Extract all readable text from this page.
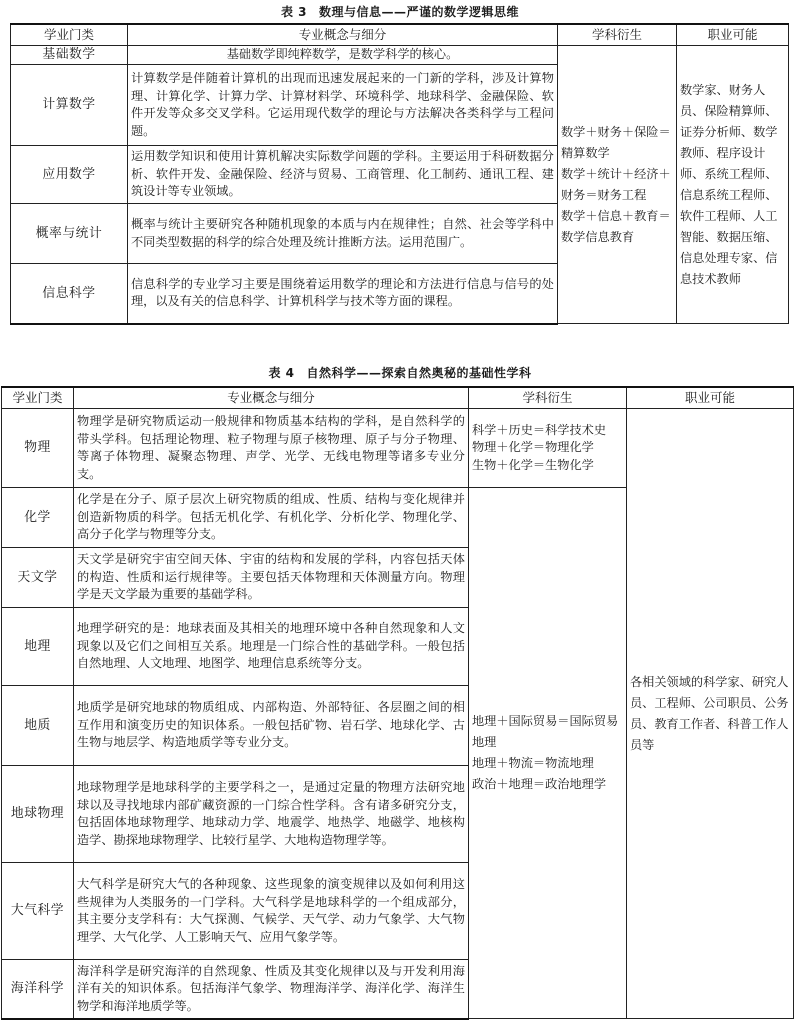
表 3 数理与信息——严谨的数学逻辑思维
学业门类	专业概念与细分	学科衍生	职业可能
基础数学	基础数学即纯粹数学，是数学科学的核心。	数学＋财务＋保险＝精算数学
数学＋统计＋经济＋财务＝财务工程
数学＋信息＋教育＝数学信息教育	数学家、财务人员、保险精算师、证券分析师、数学教师、程序设计师、系统工程师、信息系统工程师、软件工程师、人工智能、数据压缩、信息处理专家、信息技术教师
计算数学	计算数学是伴随着计算机的出现而迅速发展起来的一门新的学科，涉及计算物理、计算化学、计算力学、计算材料学、环境科学、地球科学、金融保险、软件开发等众多交叉学科。它运用现代数学的理论与方法解决各类科学与工程问题。		
应用数学	运用数学知识和使用计算机解决实际数学问题的学科。主要运用于科研数据分析、软件开发、金融保险、经济与贸易、工商管理、化工制药、通讯工程、建筑设计等专业领域。		
概率与统计	概率与统计主要研究各种随机现象的本质与内在规律性；自然、社会等学科中不同类型数据的科学的综合处理及统计推断方法。运用范围广。		
信息科学	信息科学的专业学习主要是围绕着运用数学的理论和方法进行信息与信号的处理，以及有关的信息科学、计算机科学与技术等方面的课程。		
表 4 自然科学——探索自然奥秘的基础性学科
学业门类	专业概念与细分	学科衍生	职业可能
物理	物理学是研究物质运动一般规律和物质基本结构的学科，是自然科学的带头学科。包括理论物理、粒子物理与原子核物理、原子与分子物理、等离子体物理、凝聚态物理、声学、光学、无线电物理等诸多专业分支。	科学＋历史＝科学技术史
物理＋化学＝物理化学
生物＋化学＝生物化学	各相关领域的科学家、研究人员、工程师、公司职员、公务员、教育工作者、科普工作人员等
化学	化学是在分子、原子层次上研究物质的组成、性质、结构与变化规律并创造新物质的科学。包括无机化学、有机化学、分析化学、物理化学、高分子化学与物理等分支。	地理＋国际贸易＝国际贸易地理
地理＋物流＝物流地理
政治＋地理＝政治地理学	

天文学	天文学是研究宇宙空间天体、宇宙的结构和发展的学科，内容包括天体的构造、性质和运行规律等。主要包括天体物理和天体测量方向。物理学是天文学最为重要的基础学科。		
地理	地理学研究的是：地球表面及其相关的地理环境中各种自然现象和人文现象以及它们之间相互关系。地理是一门综合性的基础学科。一般包括自然地理、人文地理、地图学、地理信息系统等分支。		
地质	地质学是研究地球的物质组成、内部构造、外部特征、各层圈之间的相互作用和演变历史的知识体系。一般包括矿物、岩石学、地球化学、古生物与地层学、构造地质学等专业分支。		
地球物理	地球物理学是地球科学的主要学科之一，是通过定量的物理方法研究地球以及寻找地球内部矿藏资源的一门综合性学科。含有诸多研究分支，包括固体地球物理学、地球动力学、地震学、地热学、地磁学、地核构造学、勘探地球物理学、比较行星学、大地构造物理学等。		
大气科学	大气科学是研究大气的各种现象、这些现象的演变规律以及如何利用这些规律为人类服务的一门学科。大气科学是地球科学的一个组成部分，其主要分支学科有：大气探测、气候学、天气学、动力气象学、大气物理学、大气化学、人工影响天气、应用气象学等。		
海洋科学	海洋科学是研究海洋的自然现象、性质及其变化规律以及与开发利用海洋有关的知识体系。包括海洋气象学、物理海洋学、海洋化学、海洋生物学和海洋地质学等。		
